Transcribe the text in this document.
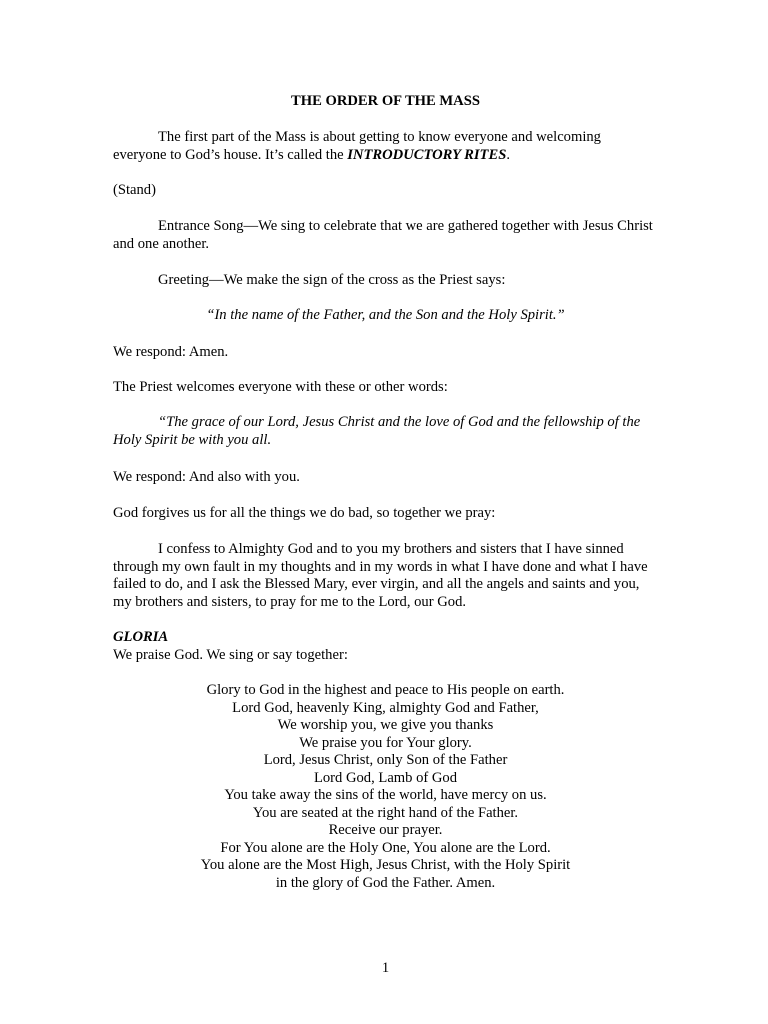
THE ORDER OF THE MASS

The first part of the Mass is about getting to know everyone and welcoming everyone to God’s house. It’s called the INTRODUCTORY RITES.

(Stand)

Entrance Song—We sing to celebrate that we are gathered together with Jesus Christ and one another.

Greeting—We make the sign of the cross as the Priest says:

“In the name of the Father, and the Son and the Holy Spirit.”

We respond: Amen.

The Priest welcomes everyone with these or other words:

“The grace of our Lord, Jesus Christ and the love of God and the fellowship of the Holy Spirit be with you all.

We respond: And also with you.

God forgives us for all the things we do bad, so together we pray:

I confess to Almighty God and to you my brothers and sisters that I have sinned through my own fault in my thoughts and in my words in what I have done and what I have failed to do, and I ask the Blessed Mary, ever virgin, and all the angels and saints and you, my brothers and sisters, to pray for me to the Lord, our God.

GLORIA

We praise God. We sing or say together:

Glory to God in the highest and peace to His people on earth.

Lord God, heavenly King, almighty God and Father,

We worship you, we give you thanks

We praise you for Your glory.

Lord, Jesus Christ, only Son of the Father

Lord God, Lamb of God

You take away the sins of the world, have mercy on us.

You are seated at the right hand of the Father.

Receive our prayer.

For You alone are the Holy One, You alone are the Lord.

You alone are the Most High, Jesus Christ, with the Holy Spirit

in the glory of God the Father. Amen.

1
